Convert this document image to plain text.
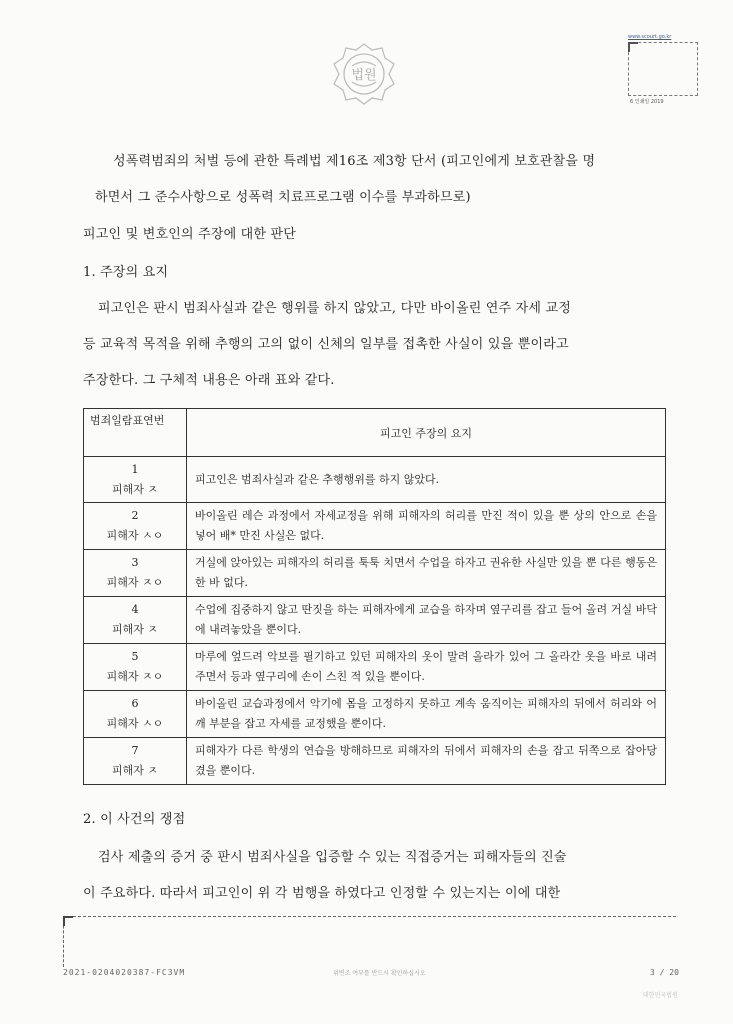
법원
www.scourt.go.kr
6 인쇄일 2019
성폭력범죄의 처벌 등에 관한 특례법 제16조 제3항 단서 (피고인에게 보호관찰을 명
하면서 그 준수사항으로 성폭력 치료프로그램 이수를 부과하므로)
피고인 및 변호인의 주장에 대한 판단
1. 주장의 요지
피고인은 판시 범죄사실과 같은 행위를 하지 않았고, 다만 바이올린 연주 자세 교정
등 교육적 목적을 위해 추행의 고의 없이 신체의 일부를 접촉한 사실이 있을 뿐이라고
주장한다. 그 구체적 내용은 아래 표와 같다.
범죄일람표연번	피고인 주장의 요지

1
피해자 ㅈ	피고인은 범죄사실과 같은 추행행위를 하지 않았다.

2
피해자 ㅅㅇ	바이올린 레슨 과정에서 자세교정을 위해 피해자의 허리를 만진 적이 있을 뿐 상의 안으로 손을 넣어 배* 만진 사실은 없다.

3
피해자 ㅈㅇ	거실에 앉아있는 피해자의 허리를 툭툭 치면서 수업을 하자고 권유한 사실만 있을 뿐 다른 행동은 한 바 없다.

4
피해자 ㅈ	수업에 집중하지 않고 딴짓을 하는 피해자에게 교습을 하자며 옆구리를 잡고 들어 올려 거실 바닥에 내려놓았을 뿐이다.

5
피해자 ㅈㅇ	마루에 엎드려 악보를 필기하고 있던 피해자의 옷이 말려 올라가 있어 그 올라간 옷을 바로 내려주면서 등과 옆구리에 손이 스친 적 있을 뿐이다.

6
피해자 ㅅㅇ	바이올린 교습과정에서 악기에 몸을 고정하지 못하고 계속 움직이는 피해자의 뒤에서 허리와 어깨 부분을 잡고 자세를 교정했을 뿐이다.

7
피해자 ㅈ	피해자가 다른 학생의 연습을 방해하므로 피해자의 뒤에서 피해자의 손을 잡고 뒤쪽으로 잡아당겼을 뿐이다.
2. 이 사건의 쟁점
검사 제출의 증거 중 판시 범죄사실을 입증할 수 있는 직접증거는 피해자들의 진술
이 주요하다. 따라서 피고인이 위 각 범행을 하였다고 인정할 수 있는지는 이에 대한
2021-0204020387-FC3VM	위변조 여부를 반드시 확인하십시오	3 / 20
대한민국법원
